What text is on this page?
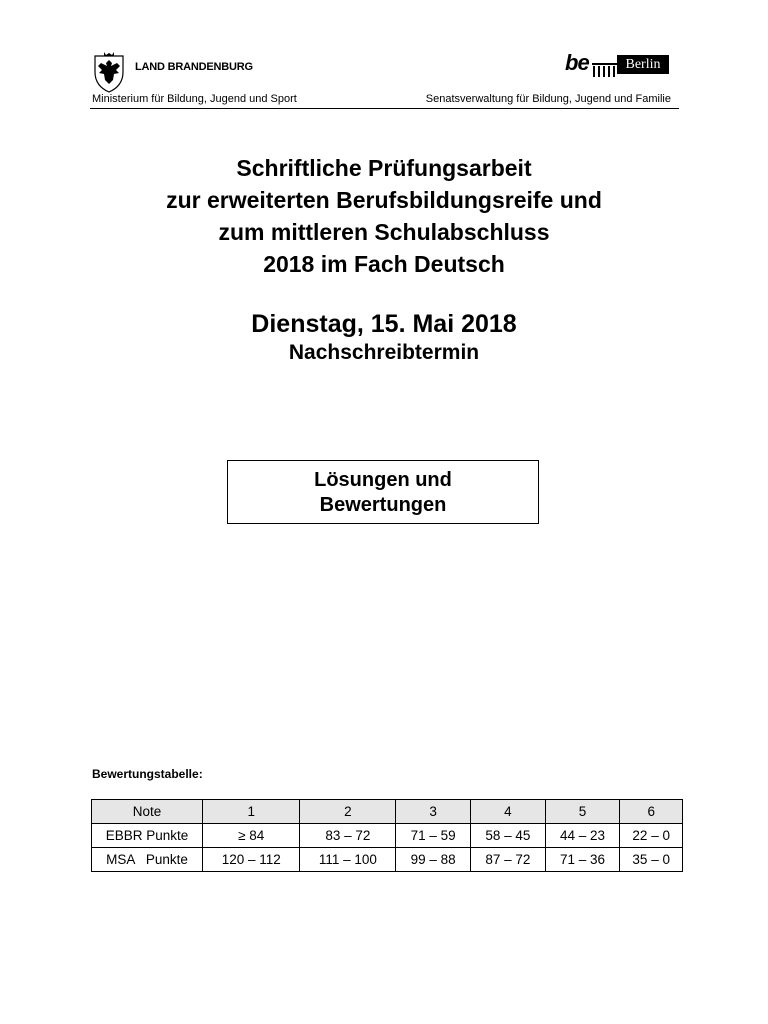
LAND BRANDENBURG	be	Berlin
Ministerium für Bildung, Jugend und Sport	Senatsverwaltung für Bildung, Jugend und Familie
Schriftliche Prüfungsarbeit
zur erweiterten Berufsbildungsreife und
zum mittleren Schulabschluss
2018 im Fach Deutsch
Dienstag, 15. Mai 2018
Nachschreibtermin
Lösungen und
Bewertungen
Bewertungstabelle:
Note	1	2	3	4	5	6
EBBR Punkte	≥ 84	83 – 72	71 – 59	58 – 45	44 – 23	22 – 0
MSA   Punkte	120 – 112	111 – 100	99 – 88	87 – 72	71 – 36	35 – 0
